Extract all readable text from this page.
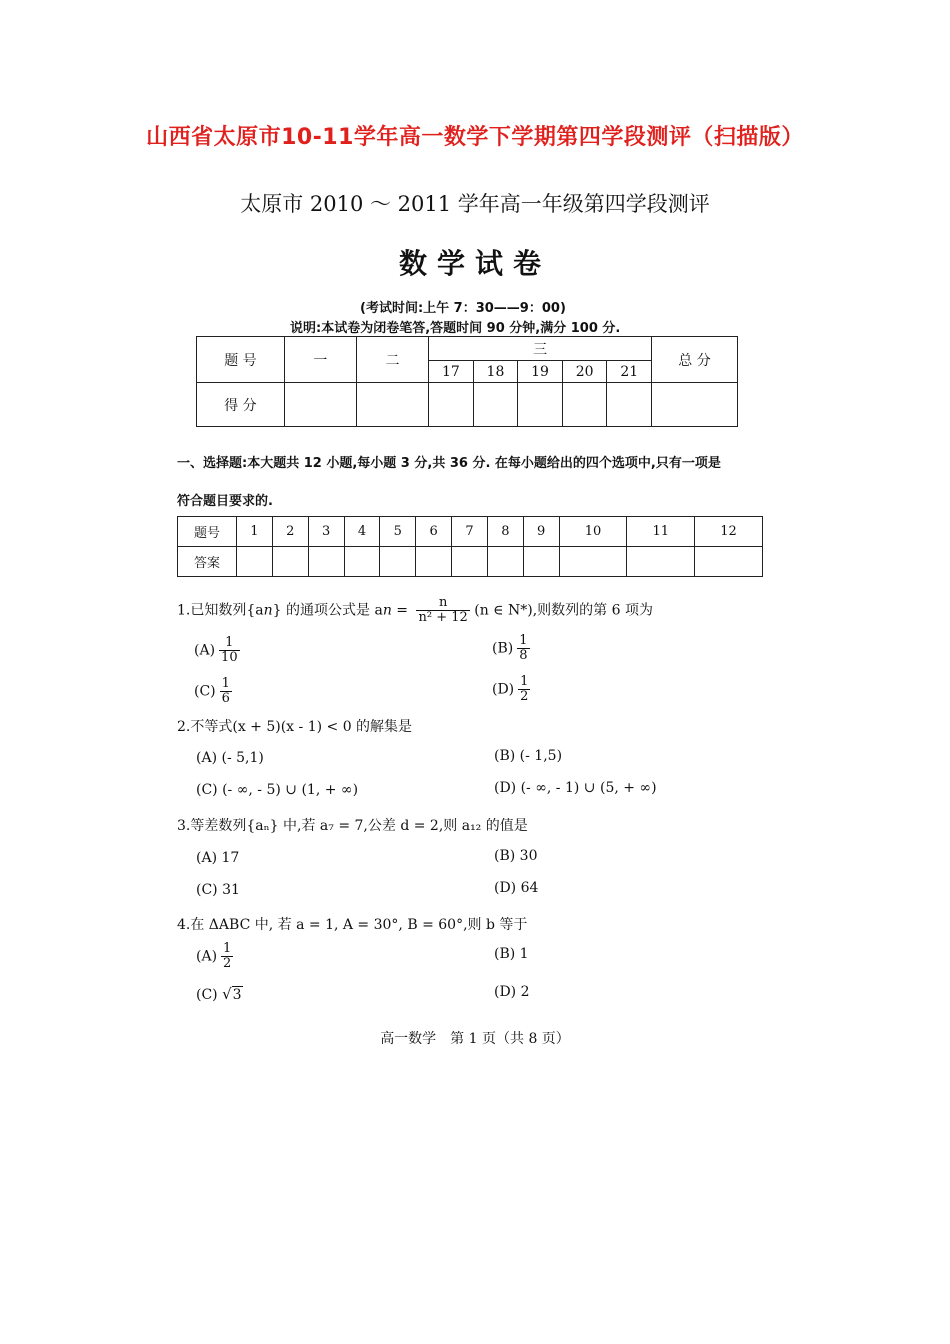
山西省太原市10-11学年高一数学下学期第四学段测评（扫描版）
太原市 2010 ～ 2011 学年高一年级第四学段测评
数学试卷
(考试时间:上午 7：30——9：00)
说明:本试卷为闭卷笔答,答题时间 90 分钟,满分 100 分.
题 号	一	二	三					总 分
			17	18	19	20	21	
得 分								
一、选择题:本大题共 12 小题,每小题 3 分,共 36 分. 在每小题给出的四个选项中,只有一项是
符合题目要求的.
题号	1	2	3	4	5	6	7	8	9	10	11	12
答案												
1.已知数列{an} 的通项公式是 an = $\frac{n}{\text{n² + 12}} (n$ ∈ N*),则数列的第 6 项为
$(A) \frac{1}{10}$	$(B) \frac{1}{8}$
$(C) \frac{1}{6}$	$(D) \frac{1}{2}$
2.不等式(x + 5)(x - 1) < 0 的解集是
(A) (- 5,1)	(B) (- 1,5)
(C) (- ∞, - 5) ∪ (1, + ∞)	(D) (- ∞, - 1) ∪ (5, + ∞)
3.等差数列{aₙ} 中,若 a₇ = 7,公差 d = 2,则 a₁₂ 的值是
(A) 17	(B) 30
(C) 31	(D) 64
4.在 ΔABC 中, 若 a = 1, A = 30°, B = 60°,则 b 等于
$(A) \frac{1}{2}$	(B) 1
(C) √3	(D) 2
高一数学　第 1 页（共 8 页）
